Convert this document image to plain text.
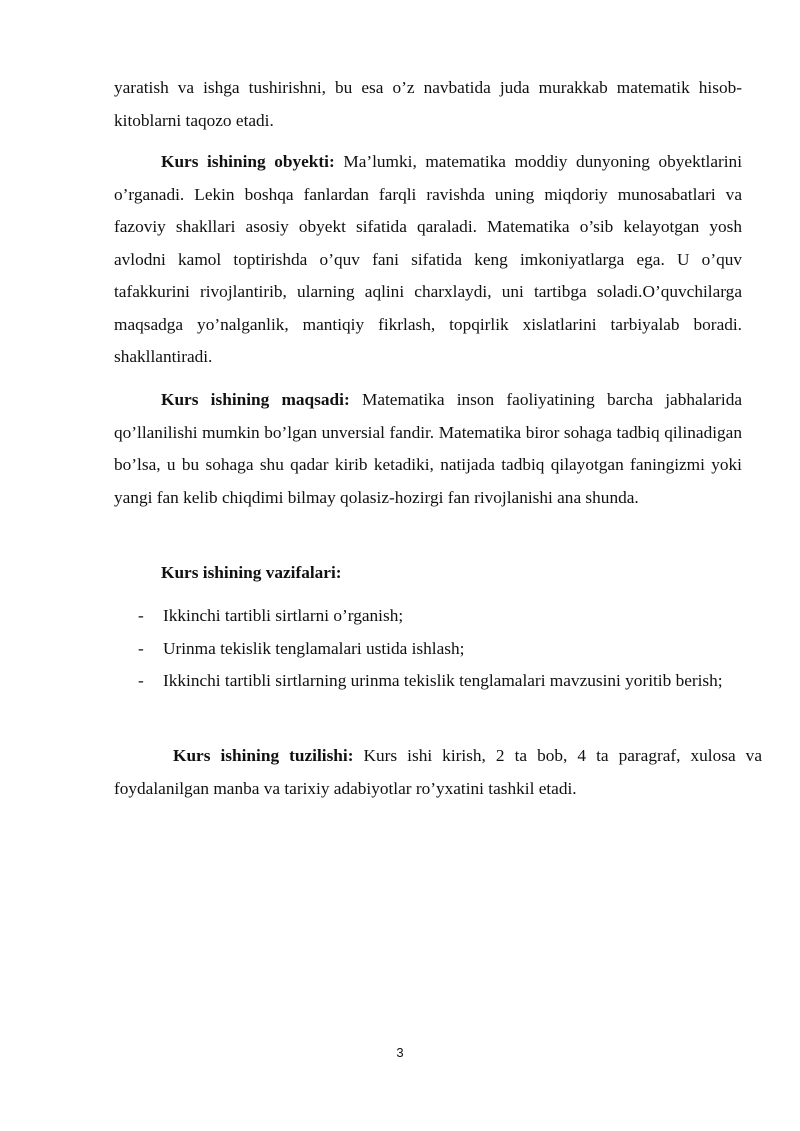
yaratish va ishga tushirishni, bu esa o’z navbatida juda murakkab matematik hisob-kitoblarni taqozo etadi.

Kurs ishining obyekti: Ma’lumki, matematika moddiy dunyoning obyektlarini o’rganadi. Lekin boshqa fanlardan farqli ravishda uning miqdoriy munosabatlari va fazoviy shakllari asosiy obyekt sifatida qaraladi. Matematika o’sib kelayotgan yosh avlodni kamol toptirishda o’quv fani sifatida keng imkoniyatlarga ega. U o’quv tafakkurini rivojlantirib, ularning aqlini charxlaydi, uni tartibga soladi.O’quvchilarga maqsadga yo’nalganlik, mantiqiy fikrlash, topqirlik xislatlarini tarbiyalab boradi. shakllantiradi.

Kurs ishining maqsadi: Matematika inson faoliyatining barcha jabhalarida qo’llanilishi mumkin bo’lgan unversial fandir. Matematika biror sohaga tadbiq qilinadigan bo’lsa, u bu sohaga shu qadar kirib ketadiki, natijada tadbiq qilayotgan faningizmi yoki yangi fan kelib chiqdimi bilmay qolasiz-hozirgi fan rivojlanishi ana shunda.

Kurs ishining vazifalari:

-	Ikkinchi tartibli sirtlarni o’rganish;
-	Urinma tekislik tenglamalari ustida ishlash;
-	Ikkinchi tartibli sirtlarning urinma tekislik tenglamalari mavzusini yoritib berish;

Kurs ishining tuzilishi: Kurs ishi kirish, 2 ta bob, 4 ta paragraf, xulosa va foydalanilgan manba va tarixiy adabiyotlar ro’yxatini tashkil etadi.

3
